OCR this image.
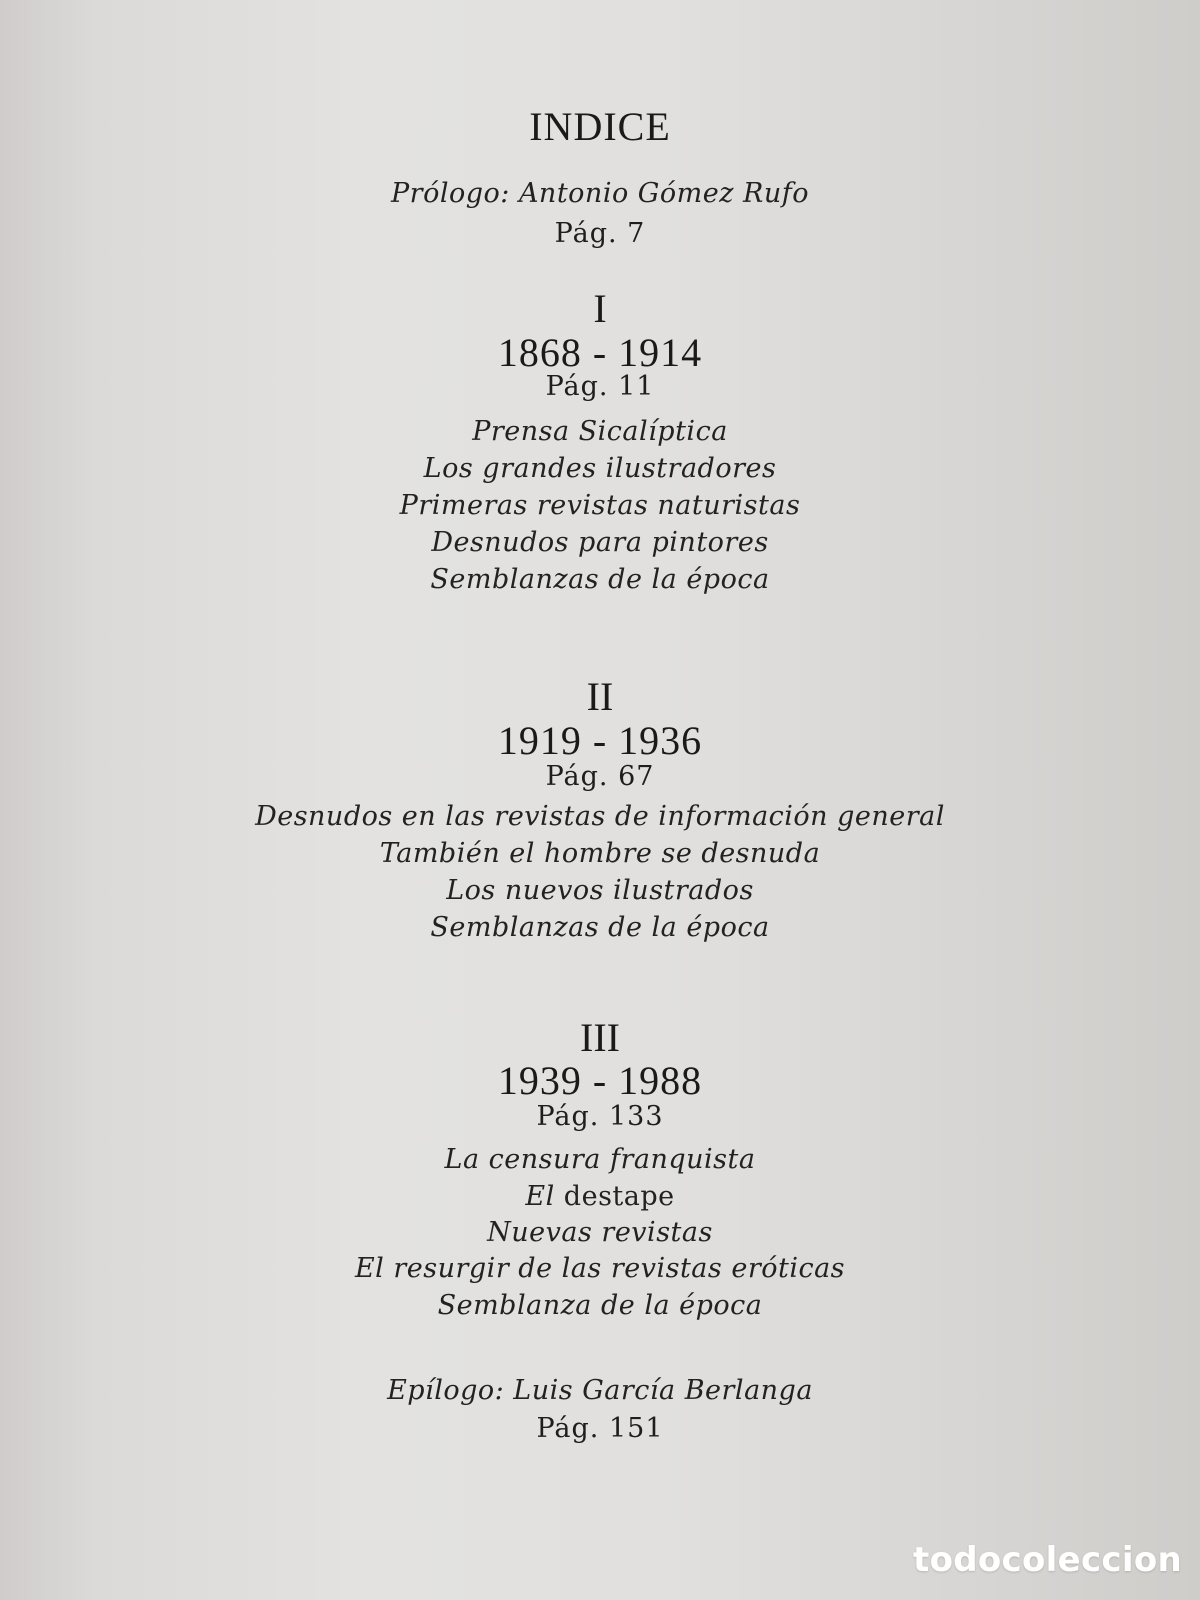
INDICE
Prólogo: Antonio Gómez Rufo
Pág. 7
I
1868 - 1914
Pág. 11
Prensa Sicalíptica
Los grandes ilustradores
Primeras revistas naturistas
Desnudos para pintores
Semblanzas de la época
II
1919 - 1936
Pág. 67
Desnudos en las revistas de información general
También el hombre se desnuda
Los nuevos ilustrados
Semblanzas de la época
III
1939 - 1988
Pág. 133
La censura franquista
El destape
Nuevas revistas
El resurgir de las revistas eróticas
Semblanza de la época
Epílogo: Luis García Berlanga
Pág. 151
todocoleccion
